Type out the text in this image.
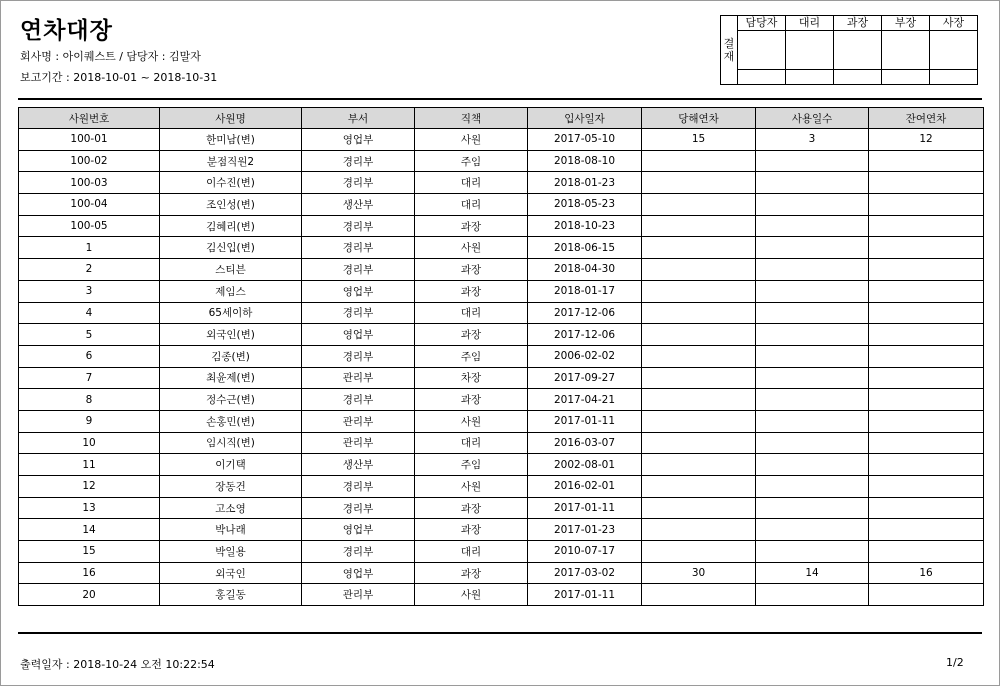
연차대장
회사명 : 아이퀘스트 / 담당자 : 김말자
보고기간 : 2018-10-01 ~ 2018-10-31
결
재	담당자	대리	과장	부장	사장

사원번호	사원명	부서	직책	입사일자	당해연차	사용일수	잔여연차
100-01	한미남(변)	영업부	사원	2017-05-10	15	3	12
100-02	분점직원2	경리부	주임	2018-08-10			
100-03	이수진(변)	경리부	대리	2018-01-23			
100-04	조인성(변)	생산부	대리	2018-05-23			
100-05	김혜리(변)	경리부	과장	2018-10-23			
1	김신입(변)	경리부	사원	2018-06-15			
2	스티븐	경리부	과장	2018-04-30			
3	제임스	영업부	과장	2018-01-17			
4	65세이하	경리부	대리	2017-12-06			
5	외국인(변)	영업부	과장	2017-12-06			
6	김종(변)	경리부	주임	2006-02-02			
7	최윤제(변)	관리부	차장	2017-09-27			
8	정수근(변)	경리부	과장	2017-04-21			
9	손홍민(변)	관리부	사원	2017-01-11			
10	임시직(변)	관리부	대리	2016-03-07			
11	이기택	생산부	주임	2002-08-01			
12	장동건	경리부	사원	2016-02-01			
13	고소영	경리부	과장	2017-01-11			
14	박나래	영업부	과장	2017-01-23			
15	박일용	경리부	대리	2010-07-17			
16	외국인	영업부	과장	2017-03-02	30	14	16
20	홍길동	관리부	사원	2017-01-11			
출력일자 : 2018-10-24 오전 10:22:54	1/2
